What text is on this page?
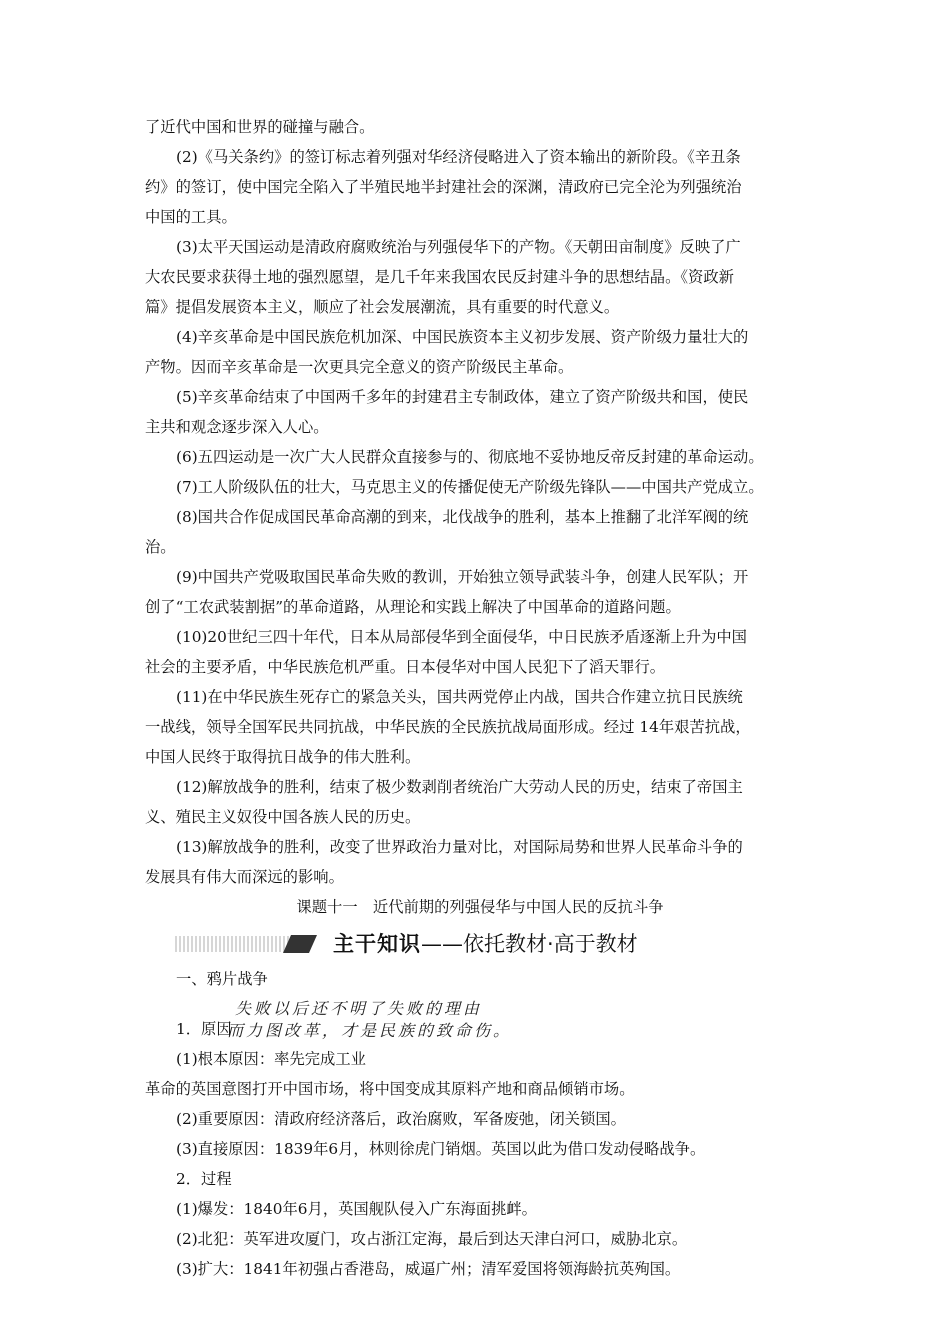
了近代中国和世界的碰撞与融合。

(2)《马关条约》的签订标志着列强对华经济侵略进入了资本输出的新阶段。《辛丑条
约》的签订，使中国完全陷入了半殖民地半封建社会的深渊，清政府已完全沦为列强统治
中国的工具。

(3)太平天国运动是清政府腐败统治与列强侵华下的产物。《天朝田亩制度》反映了广
大农民要求获得土地的强烈愿望，是几千年来我国农民反封建斗争的思想结晶。《资政新
篇》提倡发展资本主义，顺应了社会发展潮流，具有重要的时代意义。

(4)辛亥革命是中国民族危机加深、中国民族资本主义初步发展、资产阶级力量壮大的
产物。因而辛亥革命是一次更具完全意义的资产阶级民主革命。

(5)辛亥革命结束了中国两千多年的封建君主专制政体，建立了资产阶级共和国，使民
主共和观念逐步深入人心。

(6)五四运动是一次广大人民群众直接参与的、彻底地不妥协地反帝反封建的革命运动。

(7)工人阶级队伍的壮大，马克思主义的传播促使无产阶级先锋队——中国共产党成立。

(8)国共合作促成国民革命高潮的到来，北伐战争的胜利，基本上推翻了北洋军阀的统
治。

(9)中国共产党吸取国民革命失败的教训，开始独立领导武装斗争，创建人民军队；开
创了“工农武装割据”的革命道路，从理论和实践上解决了中国革命的道路问题。

(10)20世纪三四十年代，日本从局部侵华到全面侵华，中日民族矛盾逐渐上升为中国
社会的主要矛盾，中华民族危机严重。日本侵华对中国人民犯下了滔天罪行。

(11)在中华民族生死存亡的紧急关头，国共两党停止内战，国共合作建立抗日民族统
一战线，领导全国军民共同抗战，中华民族的全民族抗战局面形成。经过 14年艰苦抗战，
中国人民终于取得抗日战争的伟大胜利。

(12)解放战争的胜利，结束了极少数剥削者统治广大劳动人民的历史，结束了帝国主
义、殖民主义奴役中国各族人民的历史。

(13)解放战争的胜利，改变了世界政治力量对比，对国际局势和世界人民革命斗争的
发展具有伟大而深远的影响。

课题十一　近代前期的列强侵华与中国人民的反抗斗争

主干知识——依托教材·高于教材

一、鸦片战争

失败以后还不明了失败的理由
而力图改革，才是民族的致命伤。
1．原因

(1)根本原因：率先完成工业

革命的英国意图打开中国市场，将中国变成其原料产地和商品倾销市场。

(2)重要原因：清政府经济落后，政治腐败，军备废弛，闭关锁国。

(3)直接原因：1839年6月，林则徐虎门销烟。英国以此为借口发动侵略战争。

2．过程

(1)爆发：1840年6月，英国舰队侵入广东海面挑衅。

(2)北犯：英军进攻厦门，攻占浙江定海，最后到达天津白河口，威胁北京。

(3)扩大：1841年初强占香港岛，威逼广州；清军爱国将领海龄抗英殉国。
